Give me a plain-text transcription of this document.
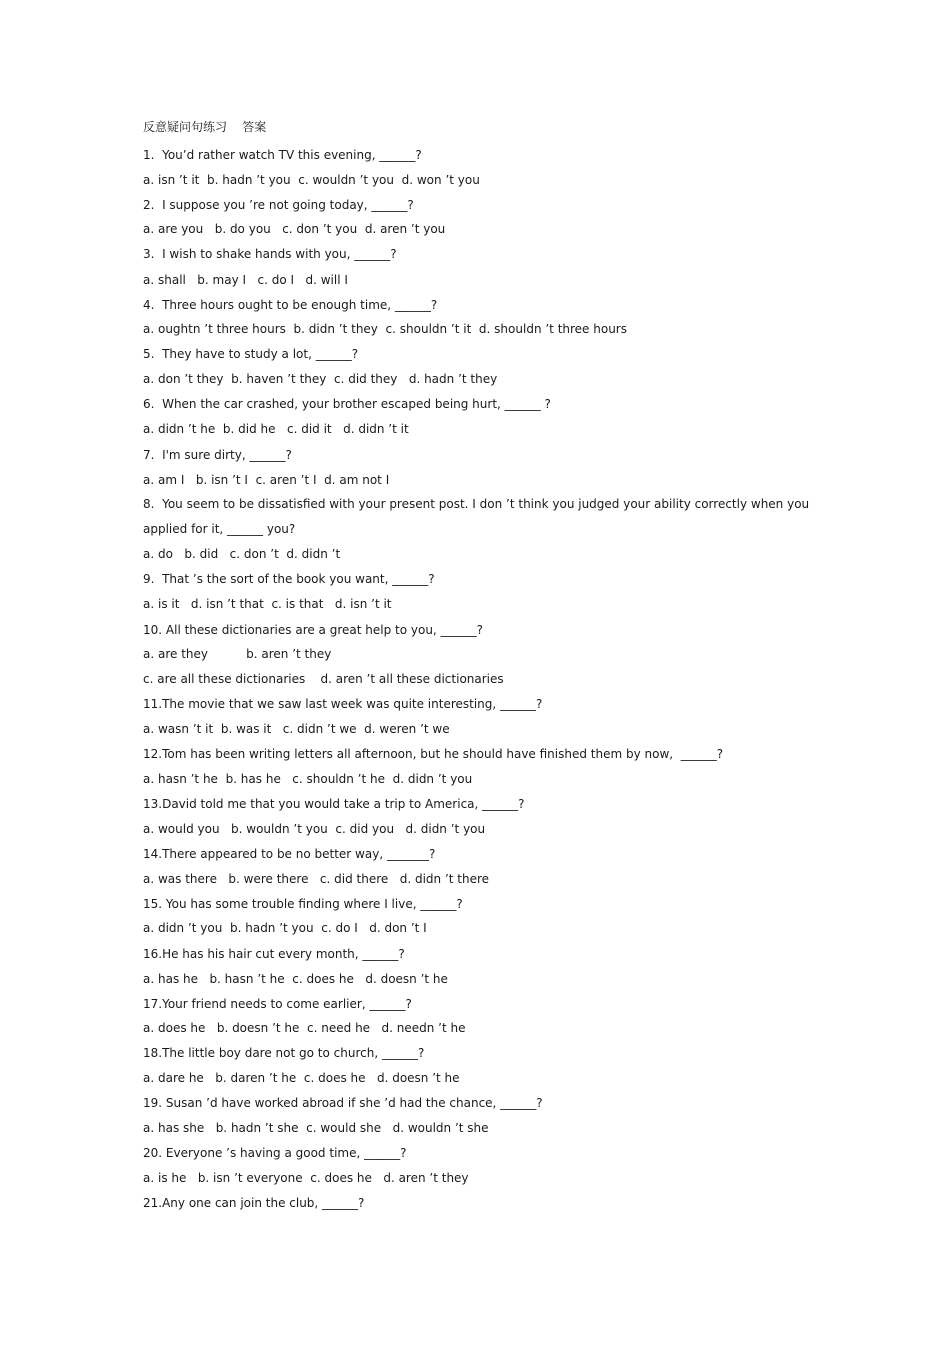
反意疑问句练习    答案
1.  You’d rather watch TV this evening, ______?
a. isn ’t it  b. hadn ’t you  c. wouldn ’t you  d. won ’t you
2.  I suppose you ’re not going today, ______?
a. are you   b. do you   c. don ’t you  d. aren ’t you
3.  I wish to shake hands with you, ______?
a. shall   b. may I   c. do I   d. will I
4.  Three hours ought to be enough time, ______?
a. oughtn ’t three hours  b. didn ’t they  c. shouldn ’t it  d. shouldn ’t three hours
5.  They have to study a lot, ______?
a. don ’t they  b. haven ’t they  c. did they   d. hadn ’t they
6.  When the car crashed, your brother escaped being hurt, ______ ?
a. didn ’t he  b. did he   c. did it   d. didn ’t it
7.  I'm sure dirty, ______?
a. am I   b. isn ’t I  c. aren ’t I  d. am not I
8.  You seem to be dissatisfied with your present post. I don ’t think you judged your ability correctly when you
applied for it, ______ you?
a. do   b. did   c. don ’t  d. didn ’t
9.  That ’s the sort of the book you want, ______?
a. is it   d. isn ’t that  c. is that   d. isn ’t it
10. All these dictionaries are a great help to you, ______?
a. are they          b. aren ’t they
c. are all these dictionaries    d. aren ’t all these dictionaries
11.The movie that we saw last week was quite interesting, ______?
a. wasn ’t it  b. was it   c. didn ’t we  d. weren ’t we
12.Tom has been writing letters all afternoon, but he should have finished them by now,  ______?
a. hasn ’t he  b. has he   c. shouldn ’t he  d. didn ’t you
13.David told me that you would take a trip to America, ______?
a. would you   b. wouldn ’t you  c. did you   d. didn ’t you
14.There appeared to be no better way, _______?
a. was there   b. were there   c. did there   d. didn ’t there
15. You has some trouble finding where I live, ______?
a. didn ’t you  b. hadn ’t you  c. do I   d. don ’t I
16.He has his hair cut every month, ______?
a. has he   b. hasn ’t he  c. does he   d. doesn ’t he
17.Your friend needs to come earlier, ______?
a. does he   b. doesn ’t he  c. need he   d. needn ’t he
18.The little boy dare not go to church, ______?
a. dare he   b. daren ’t he  c. does he   d. doesn ’t he
19. Susan ’d have worked abroad if she ’d had the chance, ______?
a. has she   b. hadn ’t she  c. would she   d. wouldn ’t she
20. Everyone ’s having a good time, ______?
a. is he   b. isn ’t everyone  c. does he   d. aren ’t they
21.Any one can join the club, ______?
